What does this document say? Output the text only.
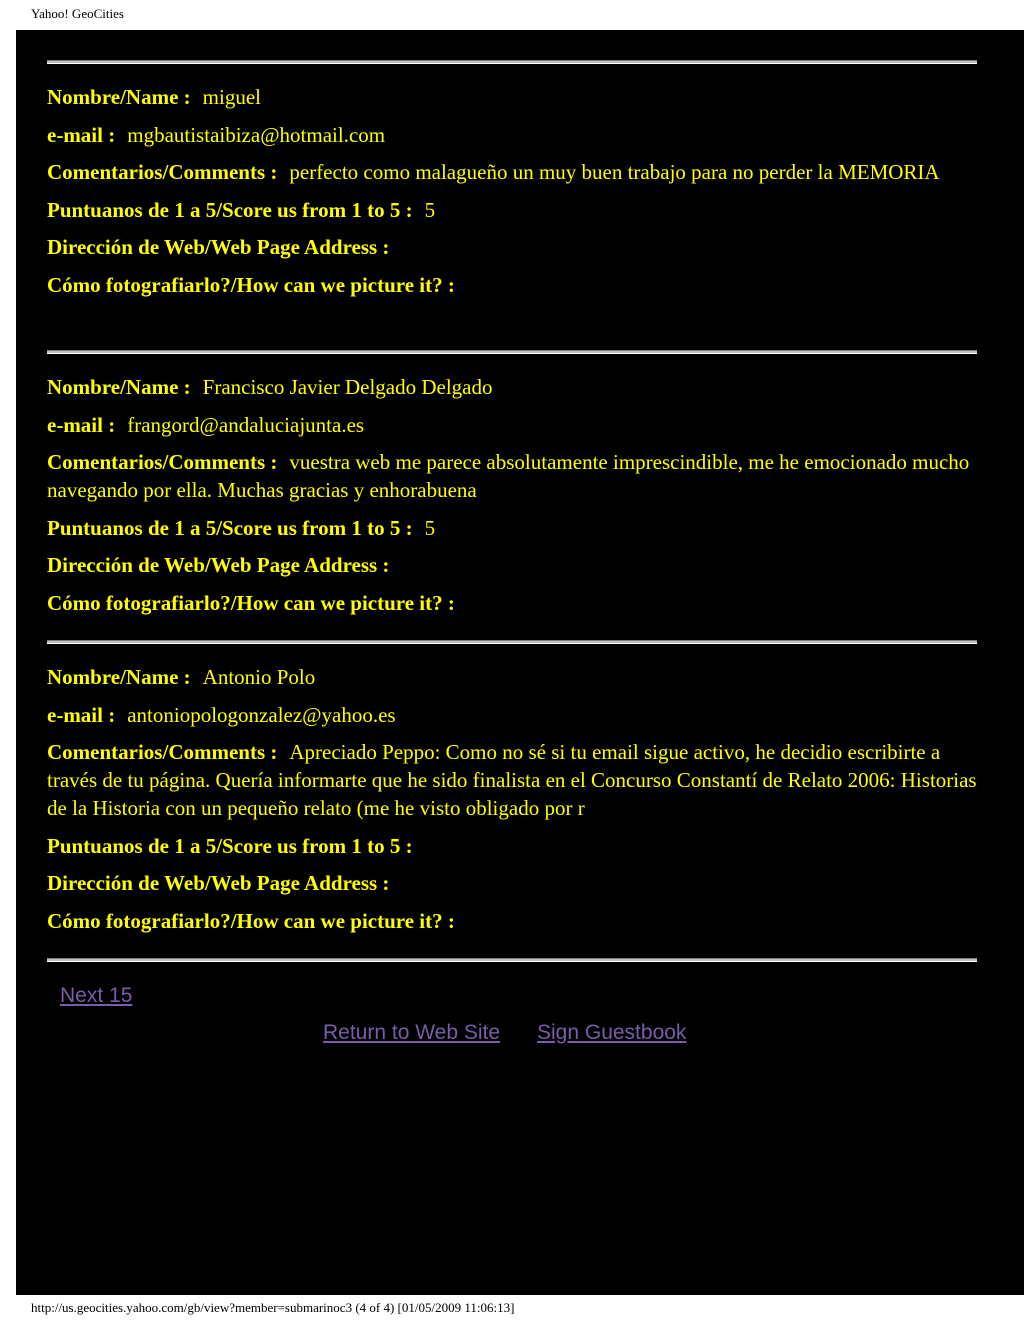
Yahoo! GeoCities
Nombre/Name : miguel
e-mail : mgbautistaibiza@hotmail.com
Comentarios/Comments : perfecto como malagueño un muy buen trabajo para no perder la MEMORIA
Puntuanos de 1 a 5/Score us from 1 to 5 : 5
Dirección de Web/Web Page Address :
Cómo fotografiarlo?/How can we picture it? :
Nombre/Name : Francisco Javier Delgado Delgado
e-mail : frangord@andaluciajunta.es
Comentarios/Comments : vuestra web me parece absolutamente imprescindible, me he emocionado mucho navegando por ella. Muchas gracias y enhorabuena
Puntuanos de 1 a 5/Score us from 1 to 5 : 5
Dirección de Web/Web Page Address :
Cómo fotografiarlo?/How can we picture it? :
Nombre/Name : Antonio Polo
e-mail : antoniopologonzalez@yahoo.es
Comentarios/Comments : Apreciado Peppo: Como no sé si tu email sigue activo, he decidio escribirte a través de tu página. Quería informarte que he sido finalista en el Concurso Constantí de Relato 2006: Historias de la Historia con un pequeño relato (me he visto obligado por r
Puntuanos de 1 a 5/Score us from 1 to 5 :
Dirección de Web/Web Page Address :
Cómo fotografiarlo?/How can we picture it? :
Next 15
Return to Web Site Sign Guestbook
http://us.geocities.yahoo.com/gb/view?member=submarinoc3 (4 of 4) [01/05/2009 11:06:13]
